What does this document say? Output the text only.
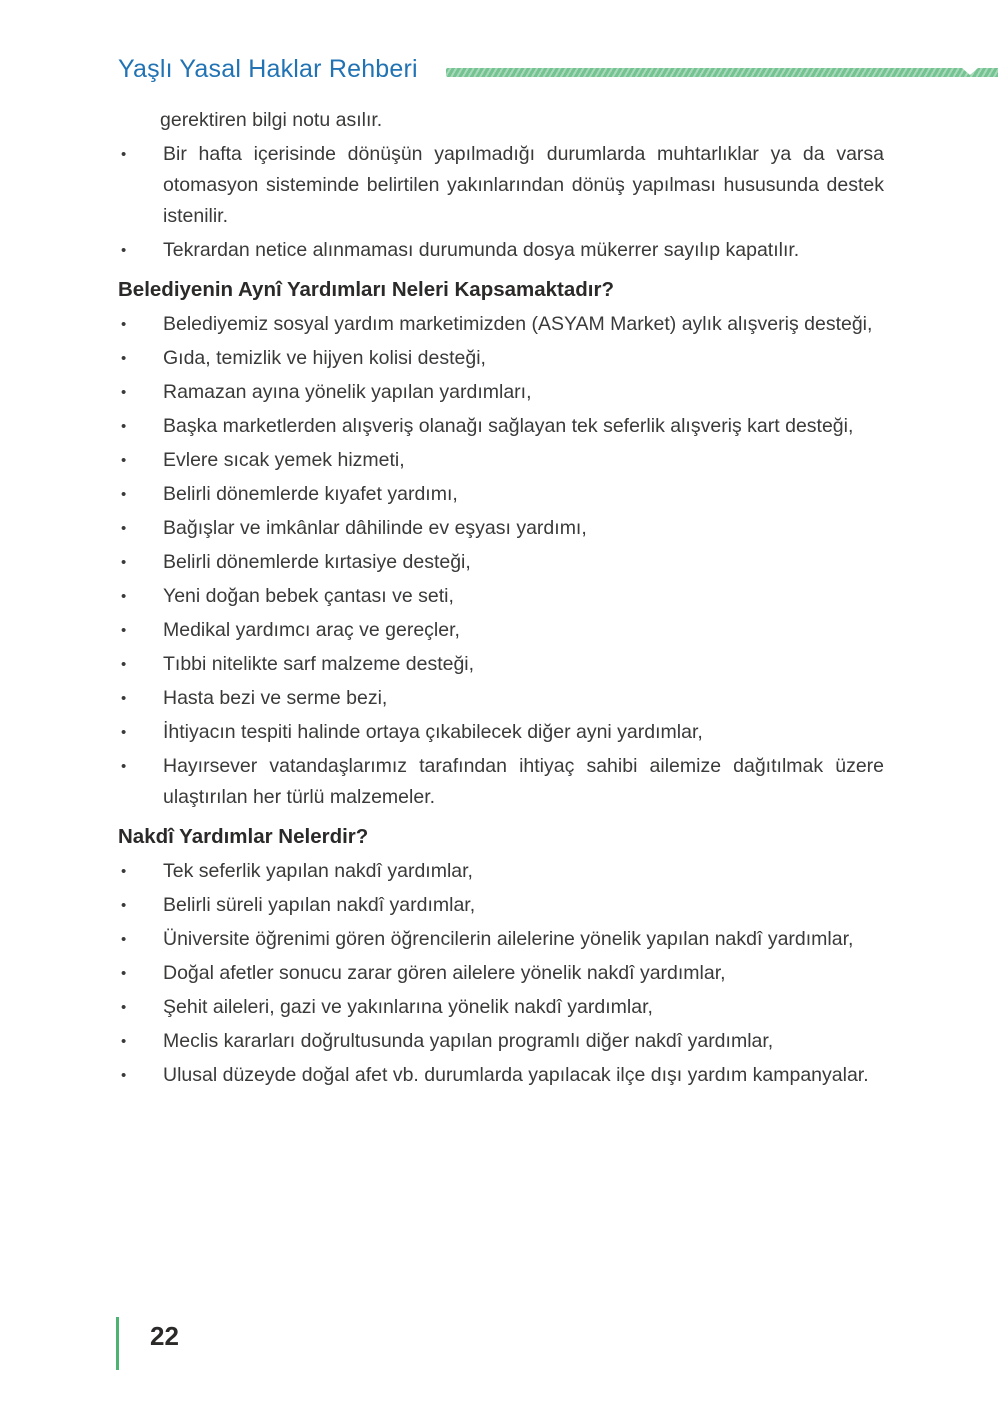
Yaşlı Yasal Haklar Rehberi

gerektiren bilgi notu asılır.

•	Bir hafta içerisinde dönüşün yapılmadığı durumlarda muhtarlıklar ya da varsa otomasyon sisteminde belirtilen yakınlarından dönüş yapılması hususunda destek istenilir.
•	Tekrardan netice alınmaması durumunda dosya mükerrer sayılıp kapatılır.
Belediyenin Aynî Yardımları Neleri Kapsamaktadır?
•	Belediyemiz sosyal yardım marketimizden (ASYAM Market) aylık alışveriş desteği,
•	Gıda, temizlik ve hijyen kolisi desteği,
•	Ramazan ayına yönelik yapılan yardımları,
•	Başka marketlerden alışveriş olanağı sağlayan tek seferlik alışveriş kart desteği,
•	Evlere sıcak yemek hizmeti,
•	Belirli dönemlerde kıyafet yardımı,
•	Bağışlar ve imkânlar dâhilinde ev eşyası yardımı,
•	Belirli dönemlerde kırtasiye desteği,
•	Yeni doğan bebek çantası ve seti,
•	Medikal yardımcı araç ve gereçler,
•	Tıbbi nitelikte sarf malzeme desteği,
•	Hasta bezi ve serme bezi,
•	İhtiyacın tespiti halinde ortaya çıkabilecek diğer ayni yardımlar,
•	Hayırsever vatandaşlarımız tarafından ihtiyaç sahibi ailemize dağıtılmak üzere ulaştırılan her türlü malzemeler.
Nakdî Yardımlar Nelerdir?
•	Tek seferlik yapılan nakdî yardımlar,
•	Belirli süreli yapılan nakdî yardımlar,
•	Üniversite öğrenimi gören öğrencilerin ailelerine yönelik yapılan nakdî yardımlar,
•	Doğal afetler sonucu zarar gören ailelere yönelik nakdî yardımlar,
•	Şehit aileleri, gazi ve yakınlarına yönelik nakdî yardımlar,
•	Meclis kararları doğrultusunda yapılan programlı diğer nakdî yardımlar,
•	Ulusal düzeyde doğal afet vb. durumlarda yapılacak ilçe dışı yardım kampanyalar.
22
